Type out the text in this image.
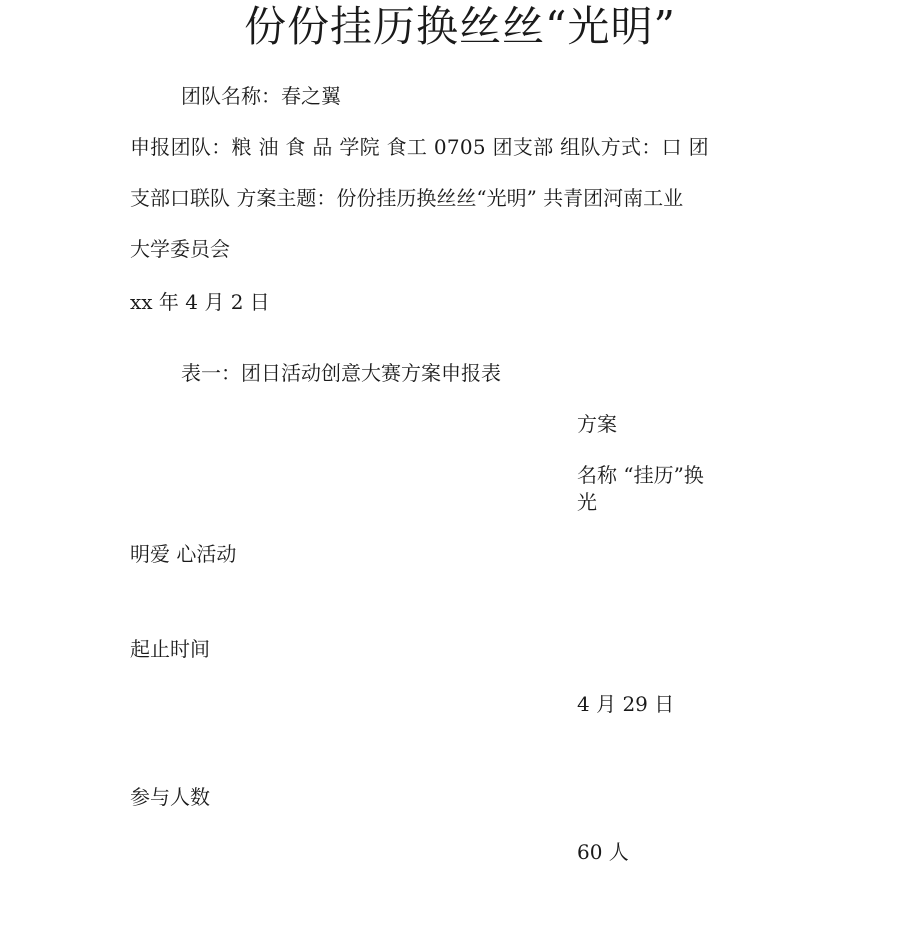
份份挂历换丝丝“光明”
团队名称：春之翼
申报团队：粮 油 食 品 学院 食工 0705 团支部 组队方式：口 团
支部口联队 方案主题：份份挂历换丝丝“光明” 共青团河南工业
大学委员会
xx 年 4 月 2 日
表一：团日活动创意大赛方案申报表
方案
名称 “挂历”换
光
明爱 心活动
起止时间
4 月 29 日
参与人数
60 人
